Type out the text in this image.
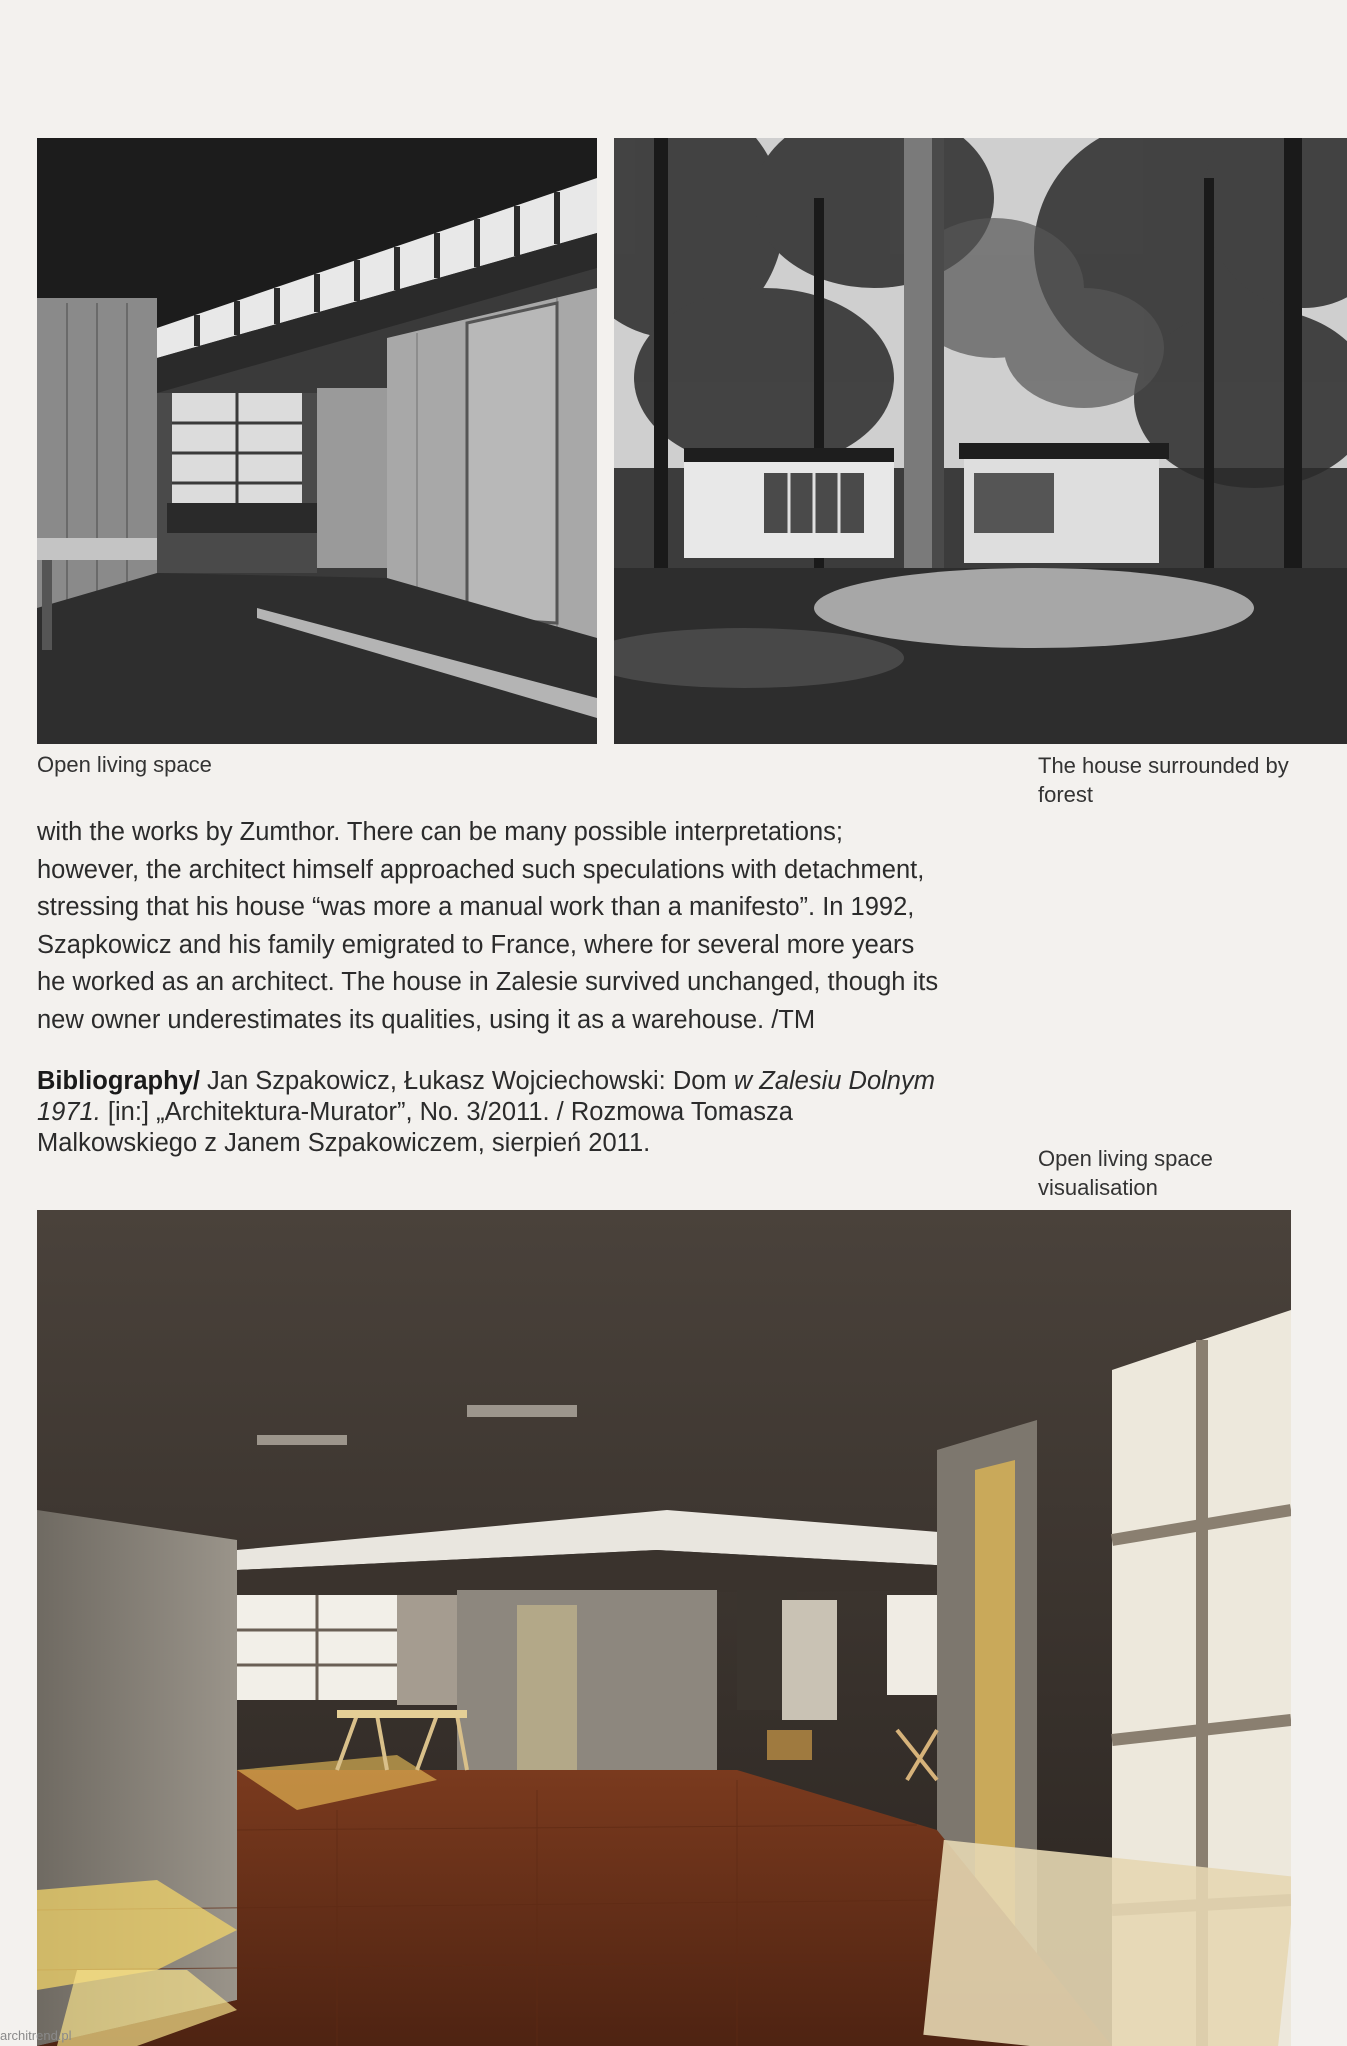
Open living space	The house surrounded by forest

with the works by Zumthor. There can be many possible interpretations;
however, the architect himself approached such speculations with detachment,
stressing that his house “was more a manual work than a manifesto”. In 1992,
Szapkowicz and his family emigrated to France, where for several more years
he worked as an architect. The house in Zalesie survived unchanged, though its
new owner underestimates its qualities, using it as a warehouse. /TM

Bibliography/ Jan Szpakowicz, Łukasz Wojciechowski: Dom w Zalesiu Dolnym
1971. [in:] „Architektura-Murator”, No. 3/2011. / Rozmowa Tomasza
Malkowskiego z Janem Szpakowiczem, sierpień 2011.

Open living space visualisation
architrend.pl
